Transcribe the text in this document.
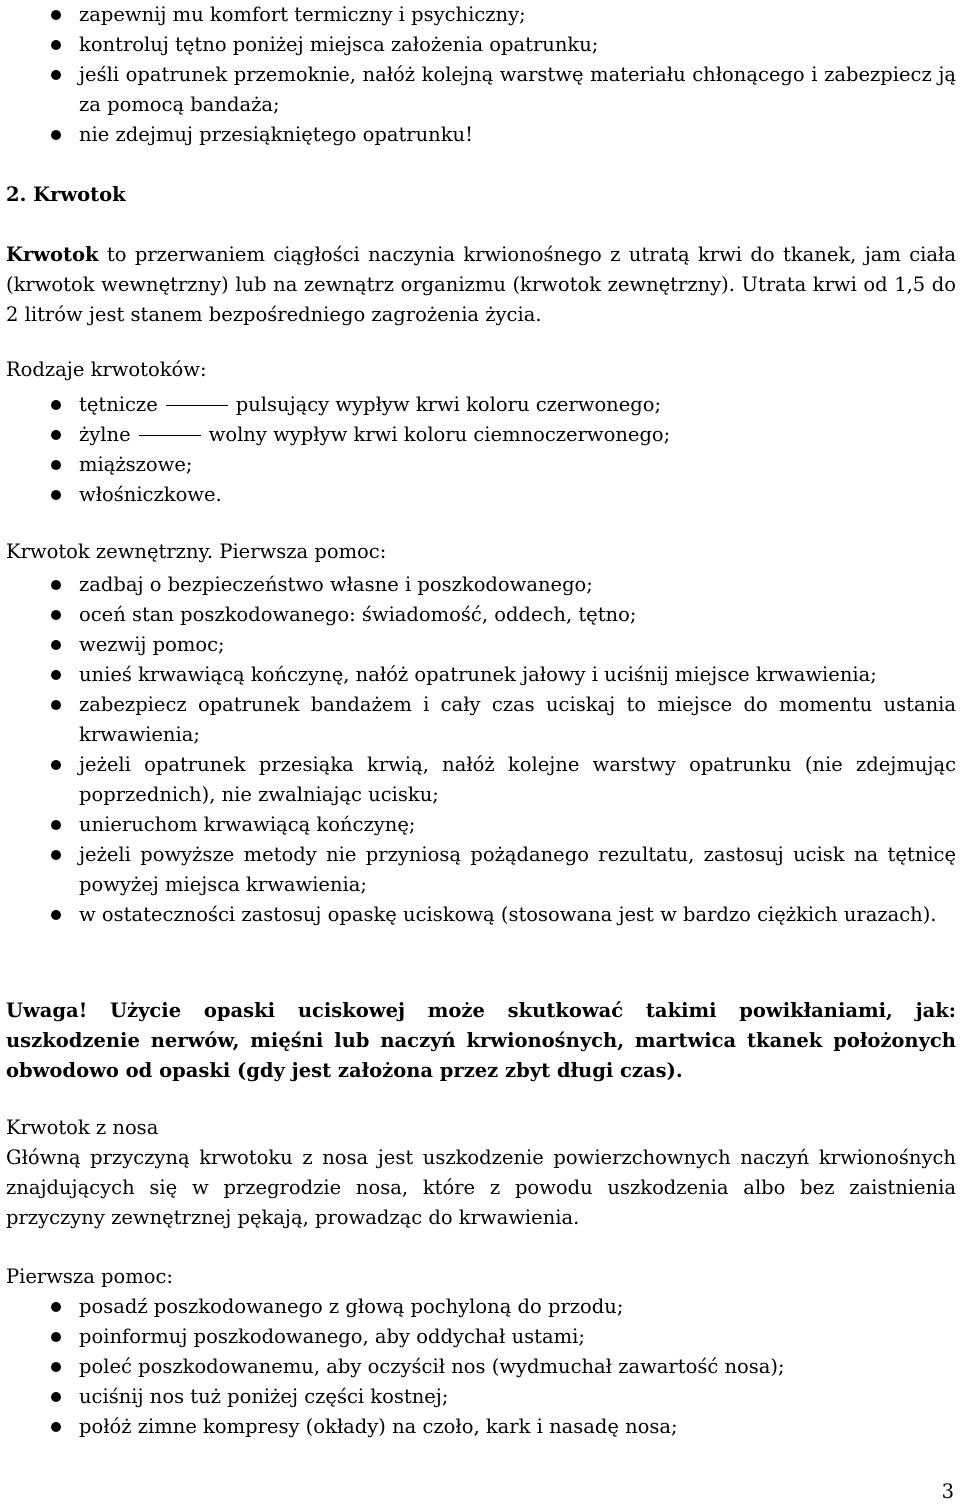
zapewnij mu komfort termiczny i psychiczny;
kontroluj tętno poniżej miejsca założenia opatrunku;
jeśli opatrunek przemoknie, nałóż kolejną warstwę materiału chłonącego i zabezpiecz ją za pomocą bandaża;
nie zdejmuj przesiąkniętego opatrunku!
2. Krwotok
Krwotok to przerwaniem ciągłości naczynia krwionośnego z utratą krwi do tkanek, jam ciała (krwotok wewnętrzny) lub na zewnątrz organizmu (krwotok zewnętrzny). Utrata krwi od 1,5 do 2 litrów jest stanem bezpośredniego zagrożenia życia.
Rodzaje krwotoków:
tętnicze	pulsujący wypływ krwi koloru czerwonego;
żylne	wolny wypływ krwi koloru ciemnoczerwonego;
miąższowe;
włośniczkowe.
Krwotok zewnętrzny. Pierwsza pomoc:
zadbaj o bezpieczeństwo własne i poszkodowanego;
oceń stan poszkodowanego: świadomość, oddech, tętno;
wezwij pomoc;
unieś krwawiącą kończynę, nałóż opatrunek jałowy i uciśnij miejsce krwawienia;
zabezpiecz opatrunek bandażem i cały czas uciskaj to miejsce do momentu ustania krwawienia;
jeżeli opatrunek przesiąka krwią, nałóż kolejne warstwy opatrunku (nie zdejmując poprzednich), nie zwalniając ucisku;
unieruchom krwawiącą kończynę;
jeżeli powyższe metody nie przyniosą pożądanego rezultatu, zastosuj ucisk na tętnicę powyżej miejsca krwawienia;
w ostateczności zastosuj opaskę uciskową (stosowana jest w bardzo ciężkich urazach).
Uwaga! Użycie opaski uciskowej może skutkować takimi powikłaniami, jak: uszkodzenie nerwów, mięśni lub naczyń krwionośnych, martwica tkanek położonych obwodowo od opaski (gdy jest założona przez zbyt długi czas).
Krwotok z nosa
Główną przyczyną krwotoku z nosa jest uszkodzenie powierzchownych naczyń krwionośnych znajdujących się w przegrodzie nosa, które z powodu uszkodzenia albo bez zaistnienia przyczyny zewnętrznej pękają, prowadząc do krwawienia.
Pierwsza pomoc:
posadź poszkodowanego z głową pochyloną do przodu;
poinformuj poszkodowanego, aby oddychał ustami;
poleć poszkodowanemu, aby oczyścił nos (wydmuchał zawartość nosa);
uciśnij nos tuż poniżej części kostnej;
połóż zimne kompresy (okłady) na czoło, kark i nasadę nosa;
3
